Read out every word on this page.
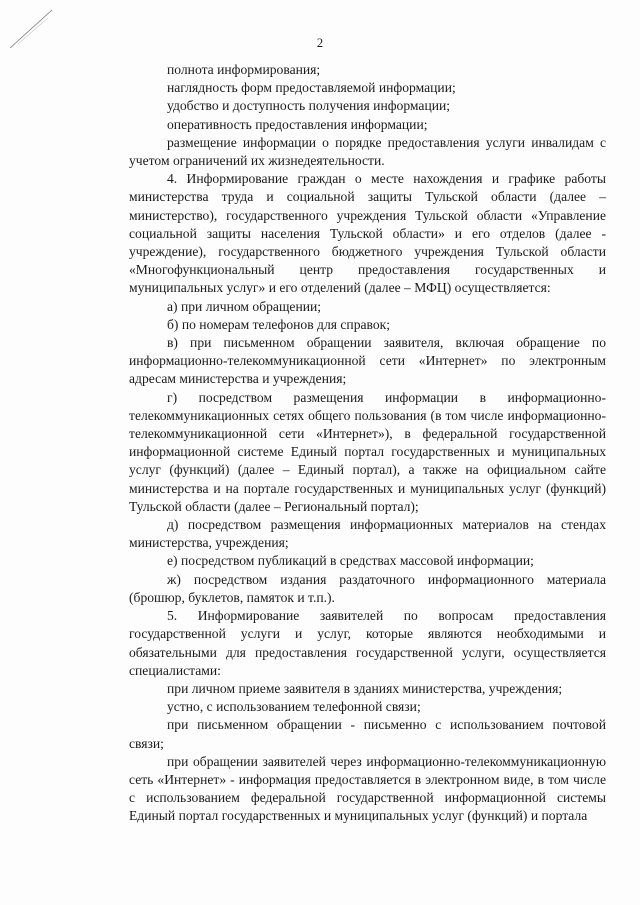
2

полнота информирования;

наглядность форм предоставляемой информации;

удобство и доступность получения информации;

оперативность предоставления информации;

размещение информации о порядке предоставления услуги инвалидам с учетом ограничений их жизнедеятельности.

4. Информирование граждан о месте нахождения и графике работы министерства труда и социальной защиты Тульской области (далее – министерство), государственного учреждения Тульской области «Управление социальной защиты населения Тульской области» и его отделов (далее - учреждение), государственного бюджетного учреждения Тульской области «Многофункциональный центр предоставления государственных и муниципальных услуг» и его отделений (далее – МФЦ) осуществляется:

а) при личном обращении;

б) по номерам телефонов для справок;

в) при письменном обращении заявителя, включая обращение по информационно-телекоммуникационной сети «Интернет» по электронным адресам министерства и учреждения;

г) посредством размещения информации в информационно-телекоммуникационных сетях общего пользования (в том числе информационно-телекоммуникационной сети «Интернет»), в федеральной государственной информационной системе Единый портал государственных и муниципальных услуг (функций) (далее – Единый портал), а также на официальном сайте министерства и на портале государственных и муниципальных услуг (функций) Тульской области (далее – Региональный портал);

д) посредством размещения информационных материалов на стендах министерства, учреждения;

е) посредством публикаций в средствах массовой информации;

ж) посредством издания раздаточного информационного материала (брошюр, буклетов, памяток и т.п.).

5. Информирование заявителей по вопросам предоставления государственной услуги и услуг, которые являются необходимыми и обязательными для предоставления государственной услуги, осуществляется специалистами:

при личном приеме заявителя в зданиях министерства, учреждения;

устно, с использованием телефонной связи;

при письменном обращении - письменно с использованием почтовой связи;

при обращении заявителей через информационно-телекоммуникационную сеть «Интернет» - информация предоставляется в электронном виде, в том числе с использованием федеральной государственной информационной системы Единый портал государственных и муниципальных услуг (функций) и портала
